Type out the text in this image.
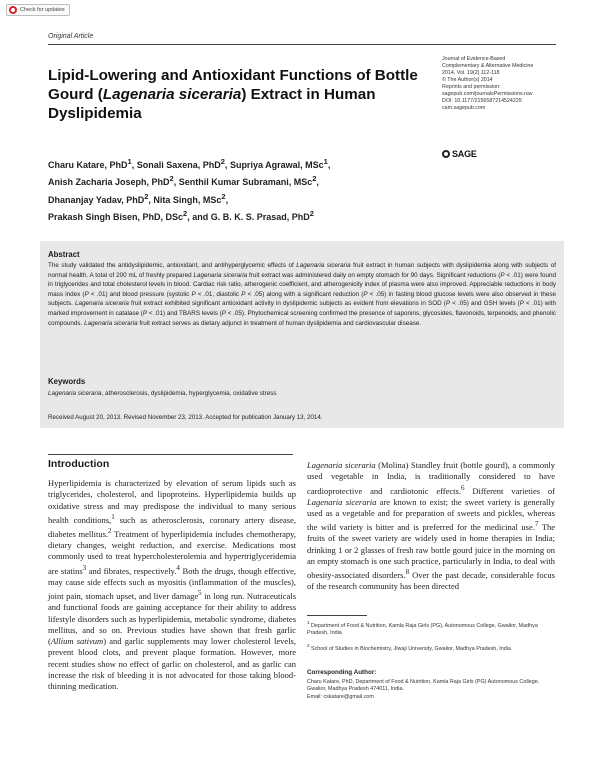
Check for updates
Original Article
Journal of Evidence-Based
Complementary & Alternative Medicine
2014, Vol. 19(2) 112-118
© The Author(s) 2014
Reprints and permission:
sagepub.com/journalsPermissions.nav
DOI: 10.1177/2156587214524229
cam.sagepub.com
SAGE
Lipid-Lowering and Antioxidant Functions of Bottle Gourd (Lagenaria siceraria) Extract in Human Dyslipidemia
Charu Katare, PhD$^1$, Sonali Saxena, PhD$^2$, Supriya Agrawal, MSc$^1$,
Anish Zacharia Joseph, PhD$^2$, Senthil Kumar Subramani, MSc$^2$,
Dhananjay Yadav, PhD$^2$, Nita Singh, MSc$^2$,
Prakash Singh Bisen, PhD, DSc$^2$, and G. B. K. S. Prasad, PhD$^2$
Abstract

The study validated the antidyslipidemic, antioxidant, and antihyperglycemic effects of Lagenaria siceraria fruit extract in human subjects with dyslipidemia along with subjects of normal health. A total of 200 mL of freshly prepared Lagenaria siceraria fruit extract was administered daily on empty stomach for 90 days. Significant reductions (P < .01) were found in triglycerides and total cholesterol levels in blood. Cardiac risk ratio, atherogenic coefficient, and atherogenicity index of plasma were also improved. Appreciable reductions in body mass index (P < .01) and blood pressure (systolic P < .01, diastolic P < .05) along with a significant reduction (P < .05) in fasting blood glucose levels were also observed in these subjects. Lagenaria siceraria fruit extract exhibited significant antioxidant activity in dyslipidemic subjects as evident from elevations in SOD (P < .05) and GSH levels (P < .01) with marked improvement in catalase (P < .01) and TBARS levels (P < .05). Phytochemical screening confirmed the presence of saponins, glycosides, flavonoids, terpenoids, and phenolic compounds. Lagenaria siceraria fruit extract serves as dietary adjunct in treatment of human dyslipidemia and cardiovascular disease.

Keywords

Lagenaria siceraria, atherosclerosis, dyslipidemia, hyperglycemia, oxidative stress

Received August 20, 2013. Revised November 23, 2013. Accepted for publication January 13, 2014.
Introduction

Hyperlipidemia is characterized by elevation of serum lipids such as triglycerides, cholesterol, and lipoproteins. Hyperlipidemia builds up oxidative stress and may predispose the individual to many serious health conditions,$^1$ such as atherosclerosis, coronary artery disease, diabetes mellitus.$^2$ Treatment of hyperlipidemia includes chemotherapy, dietary changes, weight reduction, and exercise. Medications most commonly used to treat hypercholesterolemia and hypertriglyceridemia are statins$^3$ and fibrates, respectively.$^4$ Both the drugs, though effective, may cause side effects such as myositis (inflammation of the muscles), joint pain, stomach upset, and liver damage$^5$ in long run. Nutraceuticals and functional foods are gaining acceptance for their ability to address lifestyle disorders such as hyperlipidemia, metabolic syndrome, diabetes mellitus, and so on. Previous studies have shown that fresh garlic (Allium sativum) and garlic supplements may lower cholesterol levels, prevent blood clots, and prevent plaque formation. However, more recent studies show no effect of garlic on cholesterol, and as garlic can increase the risk of bleeding it is not advocated for those taking blood-thinning medication.

Lagenaria siceraria (Molina) Standley fruit (bottle gourd), a commonly used vegetable in India, is traditionally considered to have cardioprotective and cardiotonic effects.$^6$ Different varieties of Lagenaria siceraria are known to exist; the sweet variety is generally used as a vegetable and for preparation of sweets and pickles, whereas the wild variety is bitter and is preferred for the medicinal use.$^7$ The fruits of the sweet variety are widely used in home therapies in India; drinking 1 or 2 glasses of fresh raw bottle gourd juice in the morning on an empty stomach is one such practice, particularly in India, to deal with obesity-associated disorders.$^8$ Over the past decade, considerable focus of the research community has been directed

$^1$ Department of Food & Nutrition, Kamla Raja Girls (PG), Autonomous College, Gwalior, Madhya Pradesh, India
$^2$ School of Studies in Biochemistry, Jiwaji University, Gwalior, Madhya Pradesh, India
Corresponding Author:
Charu Katare, PhD, Department of Food & Nutrition, Kamla Raja Girls (PG) Autonomous College, Gwalior, Madhya Pradesh 474011, India.
Email: cskatare@gmail.com
